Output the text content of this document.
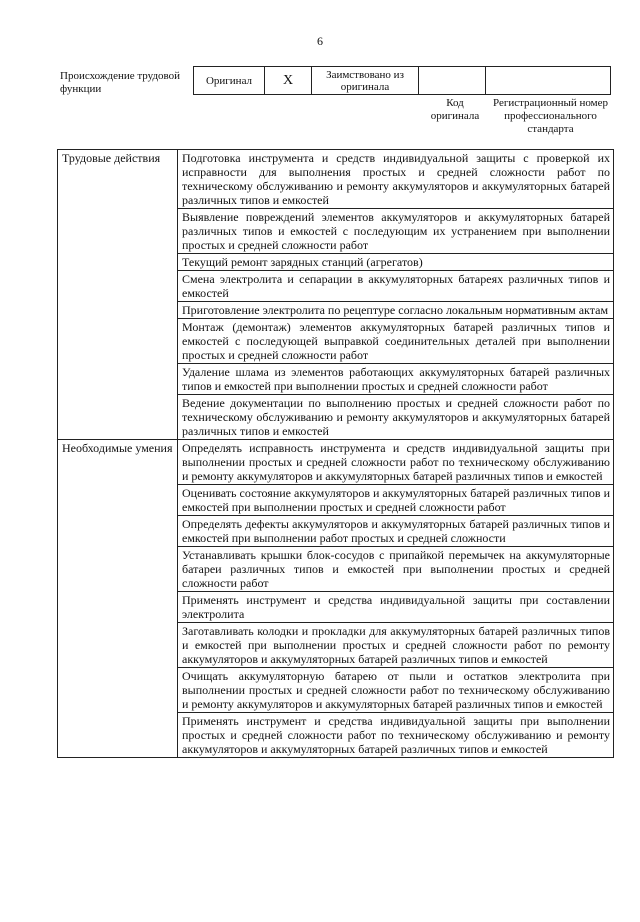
6
Происхождение трудовой функции
Оригинал	X	Заимствовано из оригинала		
Код оригинала
Регистрационный номер профессионального стандарта
Трудовые действия	Подготовка инструмента и средств индивидуальной защиты с проверкой их исправности для выполнения простых и средней сложности работ по техническому обслуживанию и ремонту аккумуляторов и аккумуляторных батарей различных типов и емкостей
	Выявление повреждений элементов аккумуляторов и аккумуляторных батарей различных типов и емкостей с последующим их устранением при выполнении простых и средней сложности работ
	Текущий ремонт зарядных станций (агрегатов)
	Смена электролита и сепарации в аккумуляторных батареях различных типов и емкостей
	Приготовление электролита по рецептуре согласно локальным нормативным актам
	Монтаж (демонтаж) элементов аккумуляторных батарей различных типов и емкостей с последующей выправкой соединительных деталей при выполнении простых и средней сложности работ
	Удаление шлама из элементов работающих аккумуляторных батарей различных типов и емкостей при выполнении простых и средней сложности работ
	Ведение документации по выполнению простых и средней сложности работ по техническому обслуживанию и ремонту аккумуляторов и аккумуляторных батарей различных типов и емкостей
Необходимые умения	Определять исправность инструмента и средств индивидуальной защиты при выполнении простых и средней сложности работ по техническому обслуживанию и ремонту аккумуляторов и аккумуляторных батарей различных типов и емкостей
	Оценивать состояние аккумуляторов и аккумуляторных батарей различных типов и емкостей при выполнении простых и средней сложности работ
	Определять дефекты аккумуляторов и аккумуляторных батарей различных типов и емкостей при выполнении работ простых и средней сложности
	Устанавливать крышки блок-сосудов с припайкой перемычек на аккумуляторные батареи различных типов и емкостей при выполнении простых и средней сложности работ
	Применять инструмент и средства индивидуальной защиты при составлении электролита
	Заготавливать колодки и прокладки для аккумуляторных батарей различных типов и емкостей при выполнении простых и средней сложности работ по ремонту аккумуляторов и аккумуляторных батарей различных типов и емкостей
	Очищать аккумуляторную батарею от пыли и остатков электролита при выполнении простых и средней сложности работ по техническому обслуживанию и ремонту аккумуляторов и аккумуляторных батарей различных типов и емкостей
	Применять инструмент и средства индивидуальной защиты при выполнении простых и средней сложности работ по техническому обслуживанию и ремонту аккумуляторов и аккумуляторных батарей различных типов и емкостей
